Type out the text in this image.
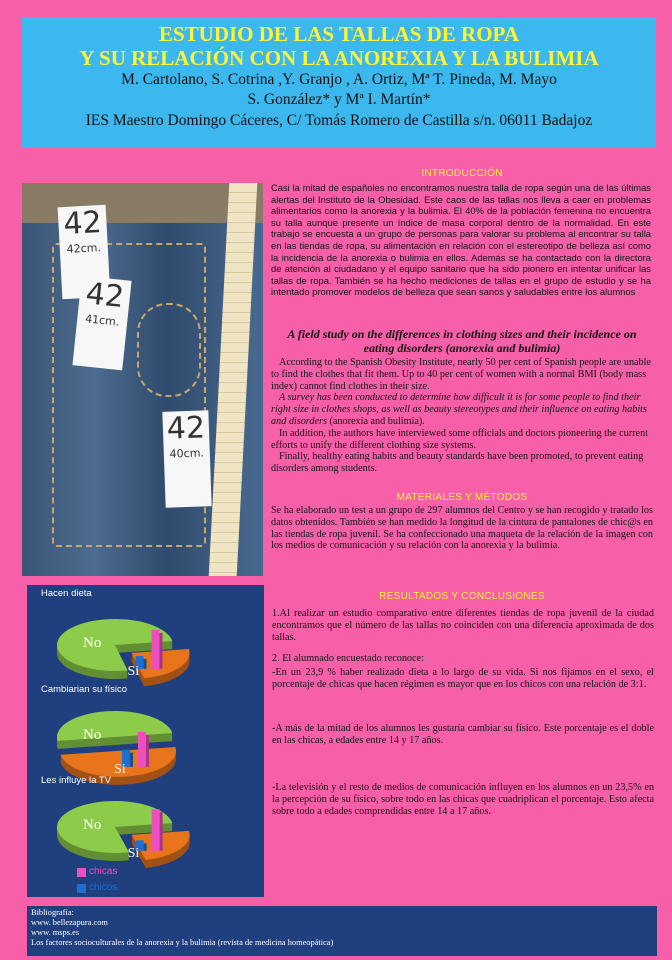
ESTUDIO DE LAS TALLAS DE ROPA
Y SU RELACIÓN CON LA ANOREXIA Y LA BULIMIA
M. Cartolano, S. Cotrina ,Y. Granjo , A. Ortiz, Mª T. Pineda, M. Mayo
S. González* y Mª I. Martín*
IES Maestro Domingo Cáceres, C/ Tomás Romero de Castilla s/n. 06011 Badajoz
42
42cm.
42
41cm.
42
40cm.
INTRODUCCIÓN
Casi la mitad de españoles no encontramos nuestra talla de ropa según una de las últimas alertas del Instituto de la Obesidad. Este caos de las tallas nos lleva a caer en problemas alimentarios como la anorexia y la bulimia. El 40% de la población femenina no encuentra su talla aunque presente un índice de masa corporal dentro de la normalidad. En este trabajo se encuesta a un grupo de personas para valorar su problema al encontrar su talla en las tiendas de ropa, su alimentación en relación con el estereotipo de belleza así como la incidencia de la anorexia o bulimia en ellos. Además se ha contactado con la directora de atención al ciudadano y el equipo sanitario que ha sido pionero en intentar unificar las tallas de ropa. También se ha hecho mediciones de tallas en el grupo de estudio y se ha intentado promover modelos de belleza que sean sanos y saludables entre los alumnos
A field study on the differences in clothing sizes and their incidence on eating disorders (anorexia and bulimia)

According to the Spanish Obesity Institute, nearly 50 per cent of Spanish people are unable to find the clothes that fit them. Up to 40 per cent of women with a normal BMI (body mass index) cannot find clothes in their size.

A survey has been conducted to determine how difficult it is for some people to find their right size in clothes shops, as well as beauty stereotypes and their influence on eating habits and disorders (anorexia and bulimia).

In addition, the authors have interviewed some officials and doctors pioneering the current efforts to unify the different clothing size systems.

Finally, healthy eating habits and beauty standards have been promoted, to prevent eating disorders among students.

MATERIALES Y MÉTODOS
Se ha elaborado un test a un grupo de 297 alumnos del Centro y se han recogido y tratado los datos obtenidos. También se han medido la longitud de la cintura de pantalones de chic@s en las tiendas de ropa juvenil. Se ha confeccionado una maqueta de la relación de la imagen con los medios de comunicación y su relación con la anorexia y la bulimia.
No
Si
No
Si
No
Si
Hacen dieta
Cambiarian su físico
Les influye la TV
chicas
chicos
RESULTADOS Y CONCLUSIONES

1.Al realizar un estudio comparativo entre diferentes tiendas de ropa juvenil de la ciudad encontramos que el número de las tallas no coinciden con una diferencia aproximada de dos tallas.

2. El alumnado encuestado reconoce:

-En un 23,9 % haber realizado dieta a lo largo de su vida. Si nos fijamos en el sexo, el porcentaje de chicas que hacen régimen es mayor que en los chicos con una relación de 3:1.

-A más de la mitad de los alumnos les gustaría cambiar su físico. Este porcentaje es el doble en las chicas, a edades entre 14 y 17 años.

-La televisión y el resto de medios de comunicación influyen en los alumnos en un 23,5% en la percepción de su físico, sobre todo en las chicas que cuadriplican el porcentaje. Esto afecta sobre todo a edades comprendidas entre 14 a 17 años.

Bibliografía:
www. bellezapura.com
www. msps.es
Los factores socioculturales de la anorexia y la bulimia (revista de medicina homeopática)
